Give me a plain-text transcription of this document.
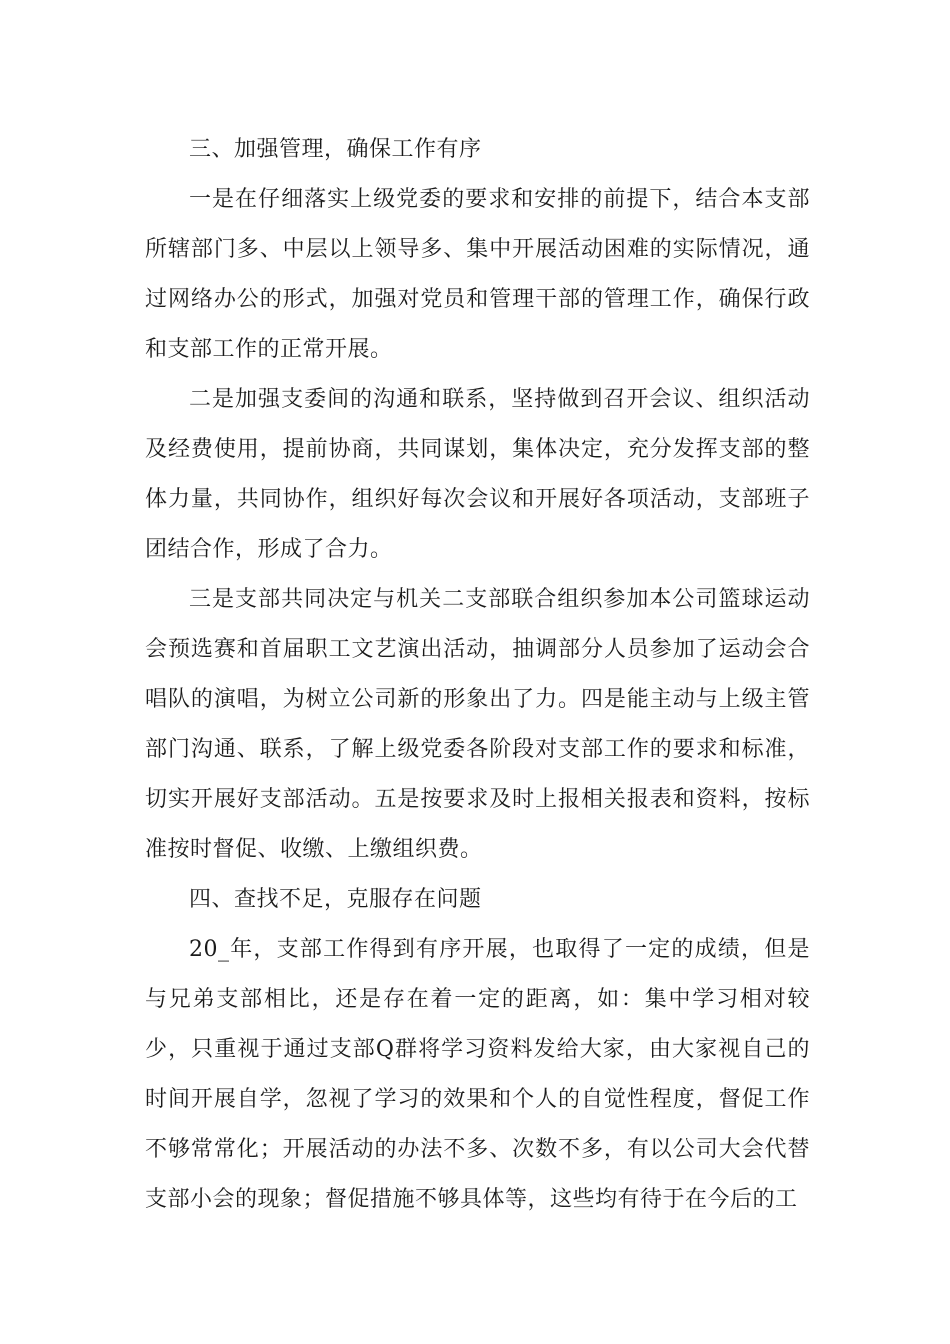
三、加强管理，确保工作有序

一是在仔细落实上级党委的要求和安排的前提下，结合本支部所辖部门多、中层以上领导多、集中开展活动困难的实际情况，通过网络办公的形式，加强对党员和管理干部的管理工作，确保行政和支部工作的正常开展。

二是加强支委间的沟通和联系，坚持做到召开会议、组织活动及经费使用，提前协商，共同谋划，集体决定，充分发挥支部的整体力量，共同协作，组织好每次会议和开展好各项活动，支部班子团结合作，形成了合力。

三是支部共同决定与机关二支部联合组织参加本公司篮球运动会预选赛和首届职工文艺演出活动，抽调部分人员参加了运动会合唱队的演唱，为树立公司新的形象出了力。四是能主动与上级主管部门沟通、联系，了解上级党委各阶段对支部工作的要求和标准，切实开展好支部活动。五是按要求及时上报相关报表和资料，按标准按时督促、收缴、上缴组织费。

四、查找不足，克服存在问题

20_年，支部工作得到有序开展，也取得了一定的成绩，但是与兄弟支部相比，还是存在着一定的距离，如：集中学习相对较少，只重视于通过支部Q群将学习资料发给大家，由大家视自己的时间开展自学，忽视了学习的效果和个人的自觉性程度，督促工作不够常常化；开展活动的办法不多、次数不多，有以公司大会代替支部小会的现象；督促措施不够具体等，这些均有待于在今后的工
